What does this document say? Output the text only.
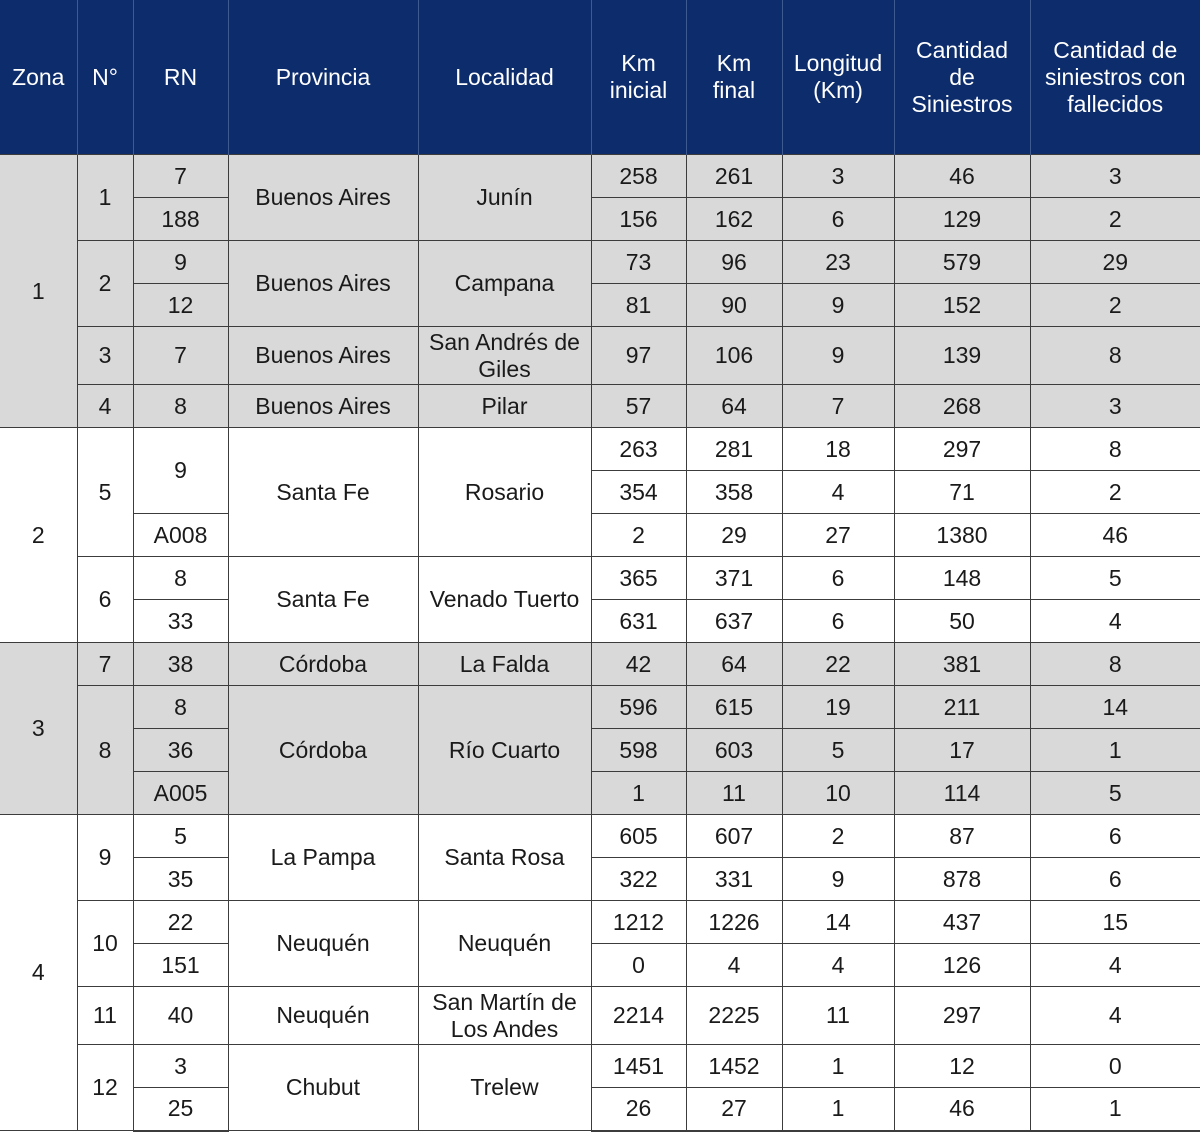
Zona	N°	RN	Provincia	Localidad	Km inicial	Km final	Longitud (Km)	Cantidad de Siniestros	Cantidad de siniestros con fallecidos
1	1	7	Buenos Aires	Junín	258	261	3	46	3
		188			156	162	6	129	2
	2	9	Buenos Aires	Campana	73	96	23	579	29
		12			81	90	9	152	2
	3	7	Buenos Aires	San Andrés de Giles	97	106	9	139	8
	4	8	Buenos Aires	Pilar	57	64	7	268	3
2	5	9	Santa Fe	Rosario	263	281	18	297	8
					354	358	4	71	2
		A008			2	29	27	1380	46
	6	8	Santa Fe	Venado Tuerto	365	371	6	148	5
		33			631	637	6	50	4
3	7	38	Córdoba	La Falda	42	64	22	381	8
	8	8	Córdoba	Río Cuarto	596	615	19	211	14
		36			598	603	5	17	1
		A005			1	11	10	114	5
4	9	5	La Pampa	Santa Rosa	605	607	2	87	6
		35			322	331	9	878	6
	10	22	Neuquén	Neuquén	1212	1226	14	437	15
		151			0	4	4	126	4
	11	40	Neuquén	San Martín de Los Andes	2214	2225	11	297	4
	12	3	Chubut	Trelew	1451	1452	1	12	0
		25			26	27	1	46	1
